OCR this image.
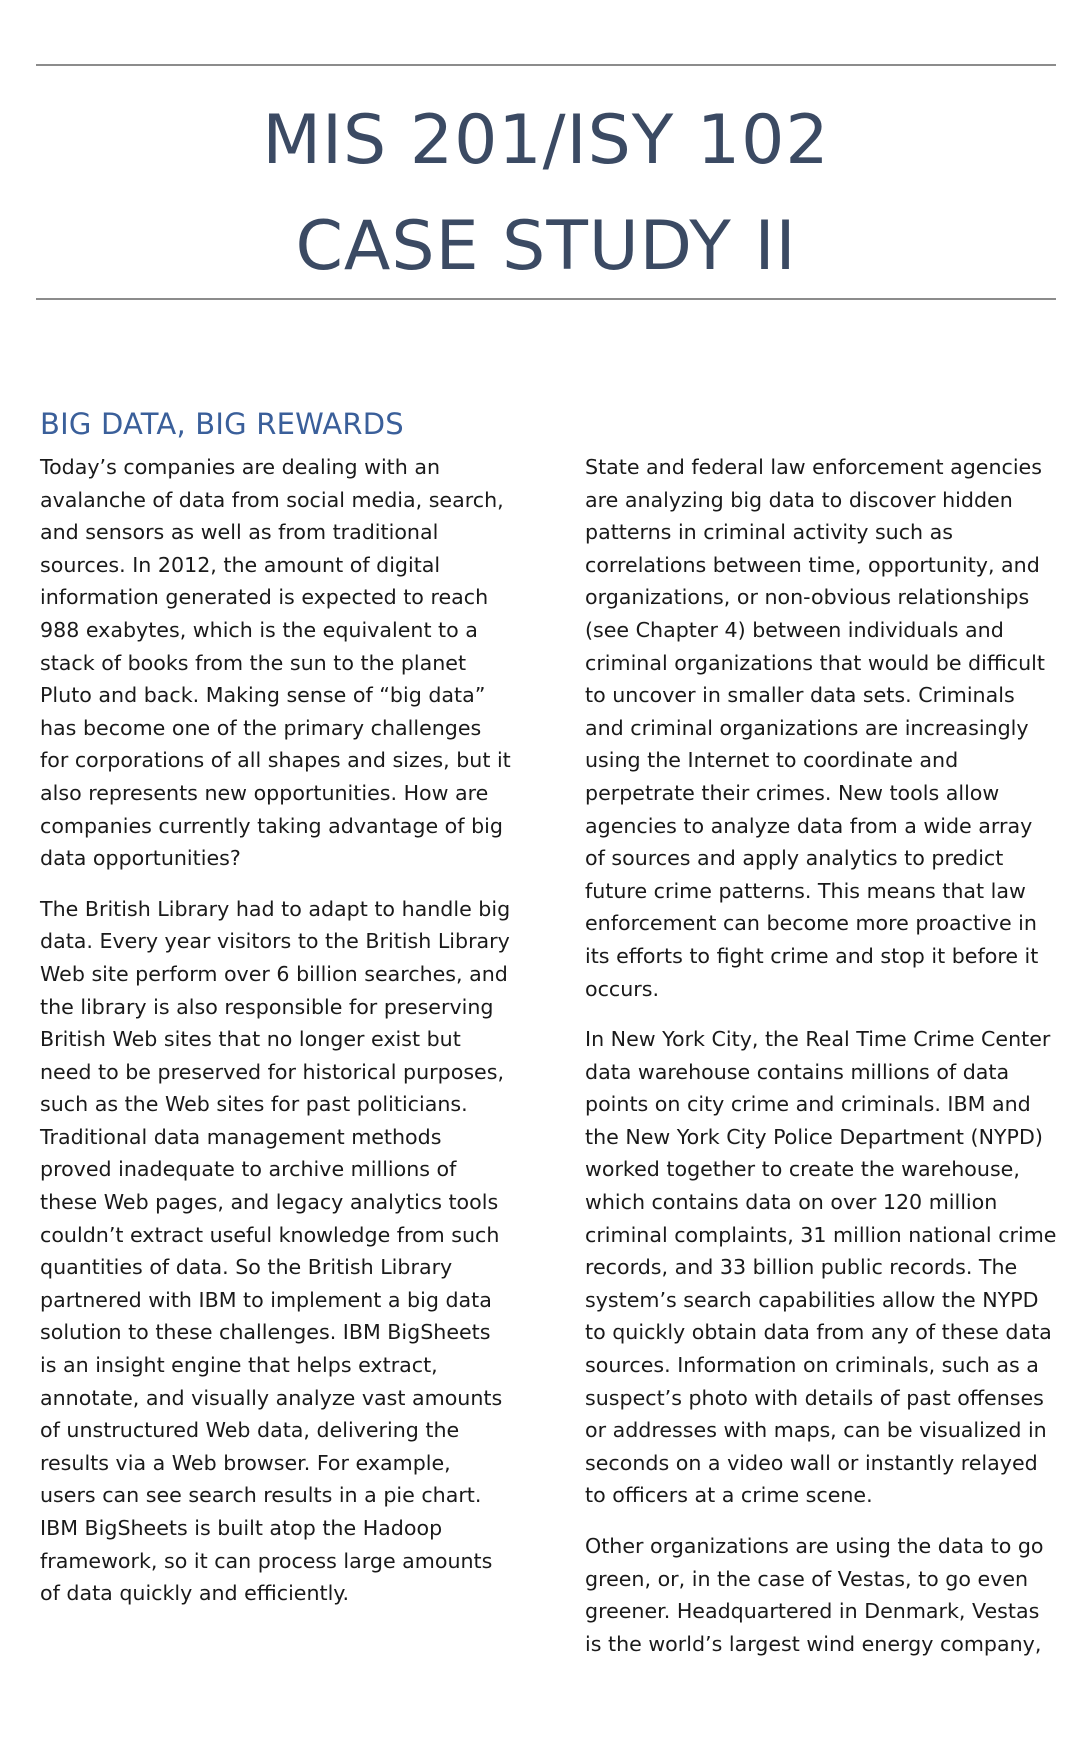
MIS 201/ISY 102
CASE STUDY II
BIG DATA, BIG REWARDS

Today’s companies are dealing with an avalanche of data from social media, search, and sensors as well as from traditional sources. In 2012, the amount of digital information generated is expected to reach 988 exabytes, which is the equivalent to a stack of books from the sun to the planet Pluto and back. Making sense of “big data” has become one of the primary challenges for corporations of all shapes and sizes, but it also represents new opportunities. How are companies currently taking advantage of big data opportunities?

The British Library had to adapt to handle big data. Every year visitors to the British Library Web site perform over 6 billion searches, and the library is also responsible for preserving British Web sites that no longer exist but need to be preserved for historical purposes, such as the Web sites for past politicians. Traditional data management methods proved inadequate to archive millions of these Web pages, and legacy analytics tools couldn’t extract useful knowledge from such quantities of data. So the British Library partnered with IBM to implement a big data solution to these challenges. IBM BigSheets is an insight engine that helps extract, annotate, and visually analyze vast amounts of unstructured Web data, delivering the results via a Web browser. For example, users can see search results in a pie chart. IBM BigSheets is built atop the Hadoop framework, so it can process large amounts of data quickly and efficiently.

State and federal law enforcement agencies are analyzing big data to discover hidden patterns in criminal activity such as correlations between time, opportunity, and organizations, or non-obvious relationships (see Chapter 4) between individuals and criminal organizations that would be difficult to uncover in smaller data sets. Criminals and criminal organizations are increasingly using the Internet to coordinate and perpetrate their crimes. New tools allow agencies to analyze data from a wide array of sources and apply analytics to predict future crime patterns. This means that law enforcement can become more proactive in its efforts to fight crime and stop it before it occurs.

In New York City, the Real Time Crime Center data warehouse contains millions of data points on city crime and criminals. IBM and the New York City Police Department (NYPD) worked together to create the warehouse, which contains data on over 120 million criminal complaints, 31 million national crime records, and 33 billion public records. The system’s search capabilities allow the NYPD to quickly obtain data from any of these data sources. Information on criminals, such as a suspect’s photo with details of past offenses or addresses with maps, can be visualized in seconds on a video wall or instantly relayed to officers at a crime scene.

Other organizations are using the data to go green, or, in the case of Vestas, to go even greener. Headquartered in Denmark, Vestas is the world’s largest wind energy company,
